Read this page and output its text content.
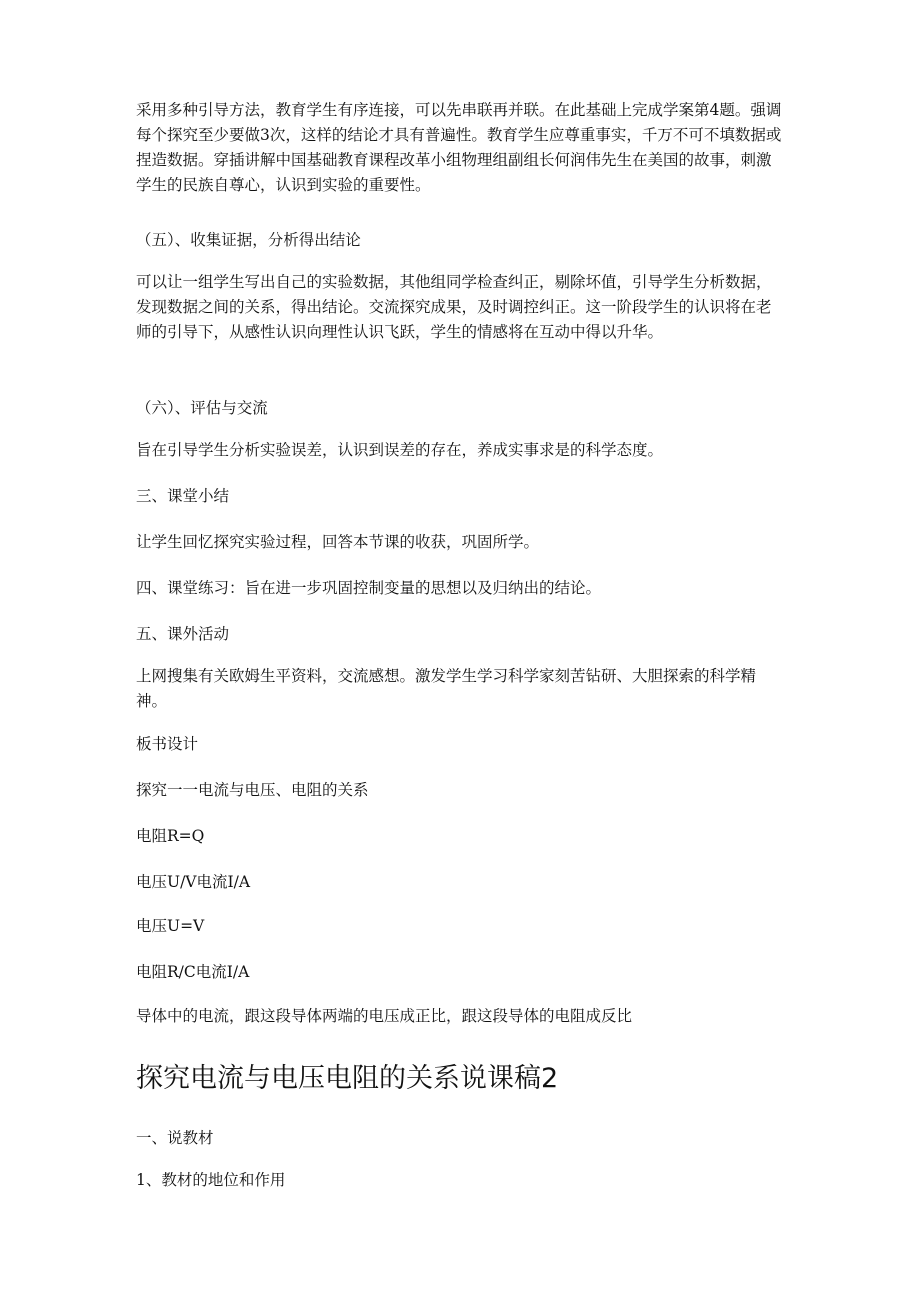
采用多种引导方法，教育学生有序连接，可以先串联再并联。在此基础上完成学案第4题。强调每个探究至少要做3次，这样的结论才具有普遍性。教育学生应尊重事实，千万不可不填数据或捏造数据。穿插讲解中国基础教育课程改革小组物理组副组长何润伟先生在美国的故事，刺激学生的民族自尊心，认识到实验的重要性。

（五）、收集证据，分析得出结论

可以让一组学生写出自己的实验数据，其他组同学检查纠正，剔除坏值，引导学生分析数据，发现数据之间的关系，得出结论。交流探究成果，及时调控纠正。这一阶段学生的认识将在老师的引导下，从感性认识向理性认识飞跃，学生的情感将在互动中得以升华。

（六）、评估与交流

旨在引导学生分析实验误差，认识到误差的存在，养成实事求是的科学态度。

三、课堂小结

让学生回忆探究实验过程，回答本节课的收获，巩固所学。

四、课堂练习：旨在进一步巩固控制变量的思想以及归纳出的结论。

五、课外活动

上网搜集有关欧姆生平资料，交流感想。激发学生学习科学家刻苦钻研、大胆探索的科学精神。

板书设计

探究一一电流与电压、电阻的关系

电阻R=Q

电压U/V电流I/A

电压U=V

电阻R/C电流I/A

导体中的电流，跟这段导体两端的电压成正比，跟这段导体的电阻成反比

探究电流与电压电阻的关系说课稿2

一、说教材

1、教材的地位和作用
